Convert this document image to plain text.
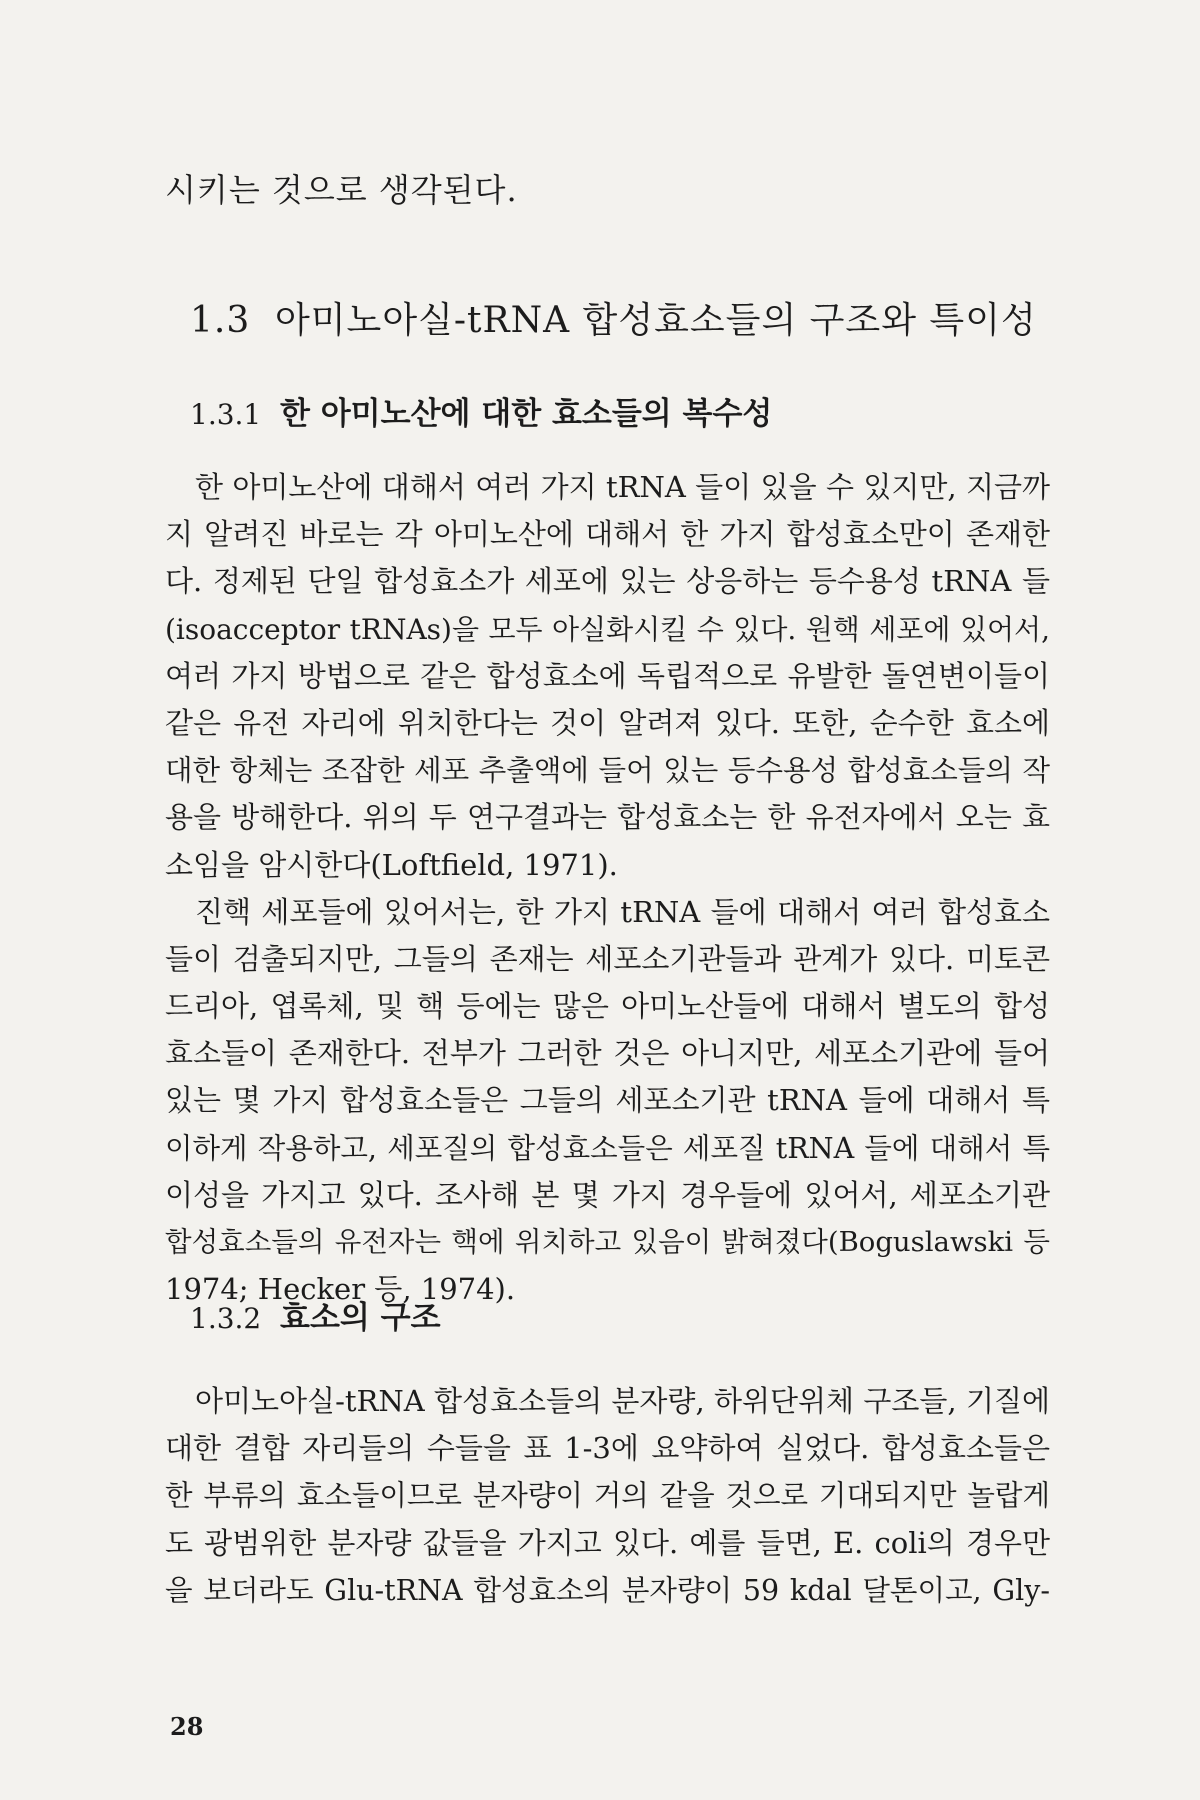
시키는 것으로 생각된다.
1.3 아미노아실-tRNA 합성효소들의 구조와 특이성
1.3.1 한 아미노산에 대한 효소들의 복수성
한 아미노산에 대해서 여러 가지 tRNA 들이 있을 수 있지만, 지금까
지 알려진 바로는 각 아미노산에 대해서 한 가지 합성효소만이 존재한
다. 정제된 단일 합성효소가 세포에 있는 상응하는 등수용성 tRNA 들
(isoacceptor tRNAs)을 모두 아실화시킬 수 있다. 원핵 세포에 있어서,
여러 가지 방법으로 같은 합성효소에 독립적으로 유발한 돌연변이들이
같은 유전 자리에 위치한다는 것이 알려져 있다. 또한, 순수한 효소에
대한 항체는 조잡한 세포 추출액에 들어 있는 등수용성 합성효소들의 작
용을 방해한다. 위의 두 연구결과는 합성효소는 한 유전자에서 오는 효
소임을 암시한다(Loftfield, 1971).
진핵 세포들에 있어서는, 한 가지 tRNA 들에 대해서 여러 합성효소
들이 검출되지만, 그들의 존재는 세포소기관들과 관계가 있다. 미토콘
드리아, 엽록체, 및 핵 등에는 많은 아미노산들에 대해서 별도의 합성
효소들이 존재한다. 전부가 그러한 것은 아니지만, 세포소기관에 들어
있는 몇 가지 합성효소들은 그들의 세포소기관 tRNA 들에 대해서 특
이하게 작용하고, 세포질의 합성효소들은 세포질 tRNA 들에 대해서 특
이성을 가지고 있다. 조사해 본 몇 가지 경우들에 있어서, 세포소기관
합성효소들의 유전자는 핵에 위치하고 있음이 밝혀졌다(Boguslawski 등
1974; Hecker 등, 1974).
1.3.2 효소의 구조
아미노아실-tRNA 합성효소들의 분자량, 하위단위체 구조들, 기질에
대한 결합 자리들의 수들을 표 1-3에 요약하여 실었다. 합성효소들은
한 부류의 효소들이므로 분자량이 거의 같을 것으로 기대되지만 놀랍게
도 광범위한 분자량 값들을 가지고 있다. 예를 들면, E. coli의 경우만
을 보더라도 Glu-tRNA 합성효소의 분자량이 59 kdal 달톤이고, Gly-
28
